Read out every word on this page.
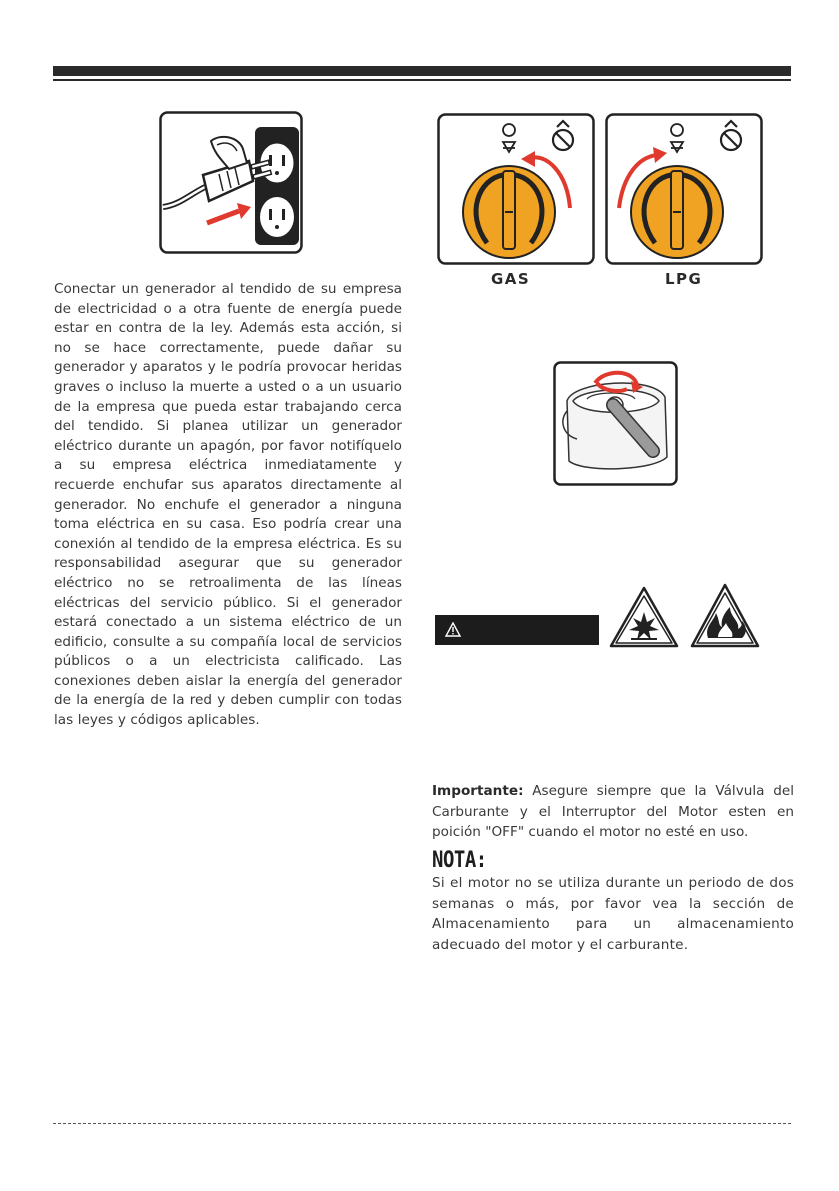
Conectar un generador al tendido de su empresa de electricidad o a otra fuente de energía puede estar en contra de la ley. Además esta acción, si no se hace correctamente, puede dañar su generador y aparatos y le podría provocar heridas graves o incluso la muerte a usted o a un usuario de la empresa que pueda estar trabajando cerca del tendido. Si planea utilizar un generador eléctrico durante un apagón, por favor notifíquelo a su empresa eléctrica inmediatamente y recuerde enchufar sus aparatos directamente al generador. No enchufe el generador a ninguna toma eléctrica en su casa. Eso podría crear una conexión al tendido de la empresa eléctrica. Es su responsabilidad asegurar que su generador eléctrico no se retroalimenta de las líneas eléctricas del servicio público. Si el generador estará conectado a un sistema eléctrico de un edificio, consulte a su compañía local de servicios públicos o a un electricista calificado. Las conexiones deben aislar la energía del generador de la energía de la red y deben cumplir con todas las leyes y códigos aplicables.

GAS	LPG

Importante: Asegure siempre que la Válvula del Carburante y el Interruptor del Motor esten en poición "OFF" cuando el motor no esté en uso.

NOTA:

Si el motor no se utiliza durante un periodo de dos semanas o más, por favor vea la sección de Almacenamiento para un almacenamiento adecuado del motor y el carburante.
